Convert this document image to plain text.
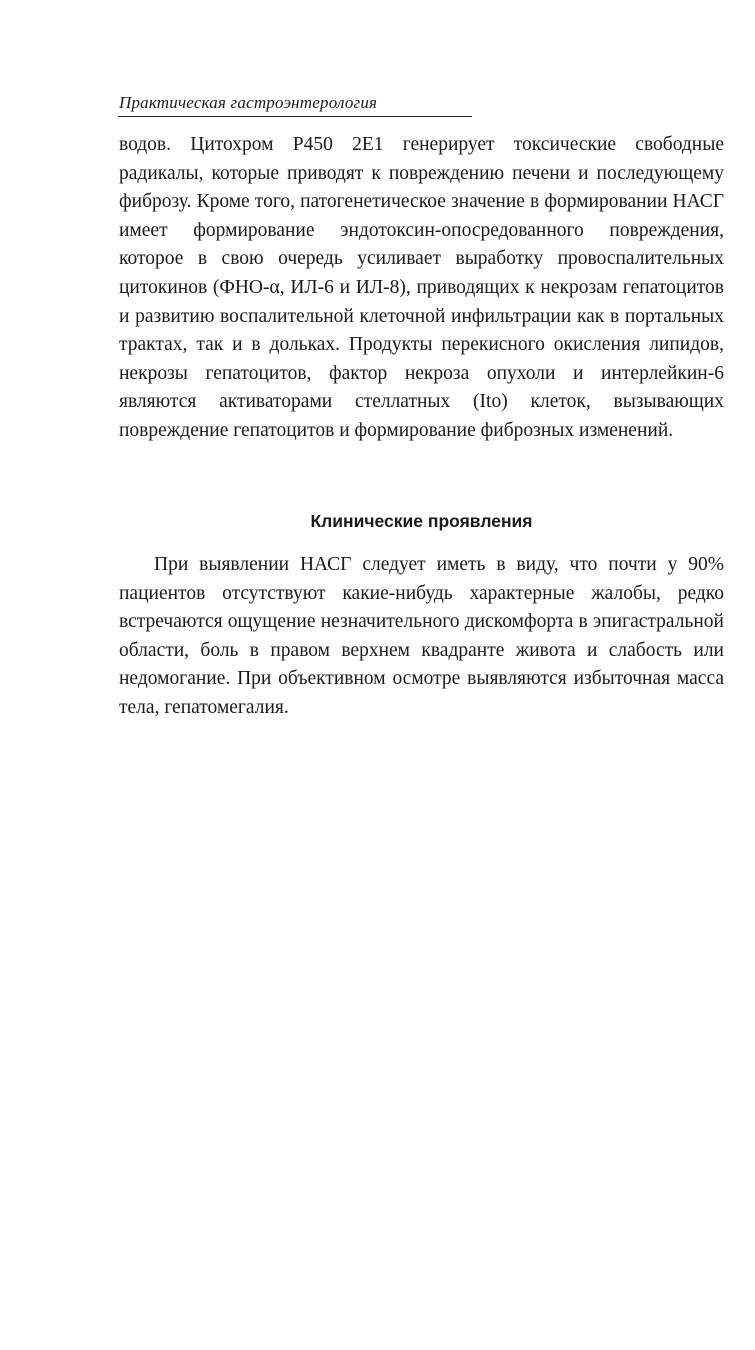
Практическая гастроэнтерология

водов. Цитохром Р450 2Е1 генерирует токсические свободные радикалы, которые приводят к повреждению печени и последующему фиброзу. Кроме того, патогенетическое значение в формировании НАСГ имеет формирование эндотоксин-опосредованного повреждения, которое в свою очередь усиливает выработку провоспалительных цитокинов (ФНО-α, ИЛ-6 и ИЛ-8), приводящих к некрозам гепатоцитов и развитию воспалительной клеточной инфильтрации как в портальных трактах, так и в дольках. Продукты перекисного окисления липидов, некрозы гепатоцитов, фактор некроза опухоли и интерлейкин-6 являются активаторами стеллатных (Ito) клеток, вызывающих повреждение гепатоцитов и формирование фиброзных изменений.

Клинические проявления

При выявлении НАСГ следует иметь в виду, что почти у 90% пациентов отсутствуют какие-нибудь характерные жалобы, редко встречаются ощущение незначительного дискомфорта в эпигастральной области, боль в правом верхнем квадранте живота и слабость или недомогание. При объективном осмотре выявляются избыточная масса тела, гепатомегалия.
